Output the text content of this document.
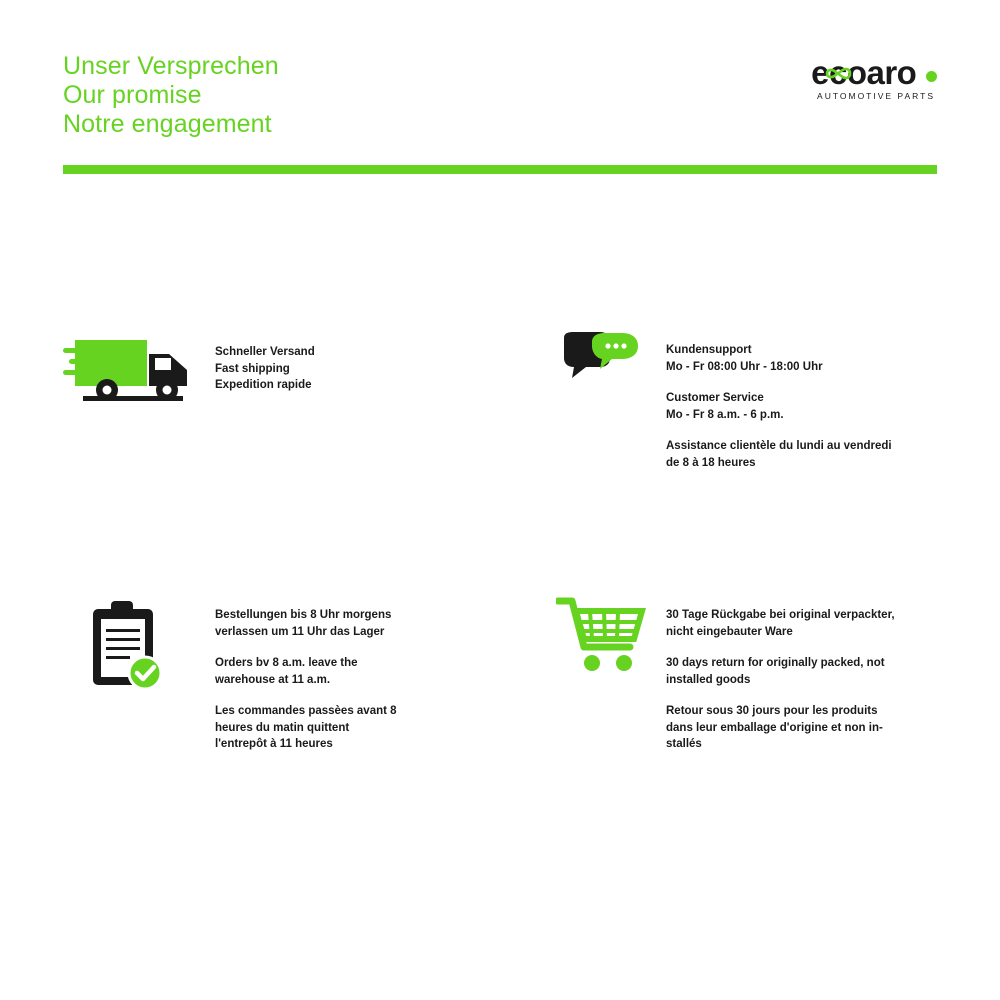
Unser Versprechen
Our promise
Notre engagement
ecoaro
AUTOMOTIVE PARTS

Schneller Versand
Fast shipping
Expedition rapide

Kundensupport
Mo - Fr 08:00 Uhr - 18:00 Uhr

Customer Service
Mo - Fr 8 a.m. - 6 p.m.

Assistance clientèle du lundi au vendredi
de 8 à 18 heures

Bestellungen bis 8 Uhr morgens
verlassen um 11 Uhr das Lager

Orders bv 8 a.m. leave the
warehouse at 11 a.m.

Les commandes passèes avant 8
heures du matin quittent
l'entrepôt à 11 heures

30 Tage Rückgabe bei original verpackter,
nicht eingebauter Ware

30 days return for originally packed, not
installed goods

Retour sous 30 jours pour les produits
dans leur emballage d'origine et non in-
stallés
